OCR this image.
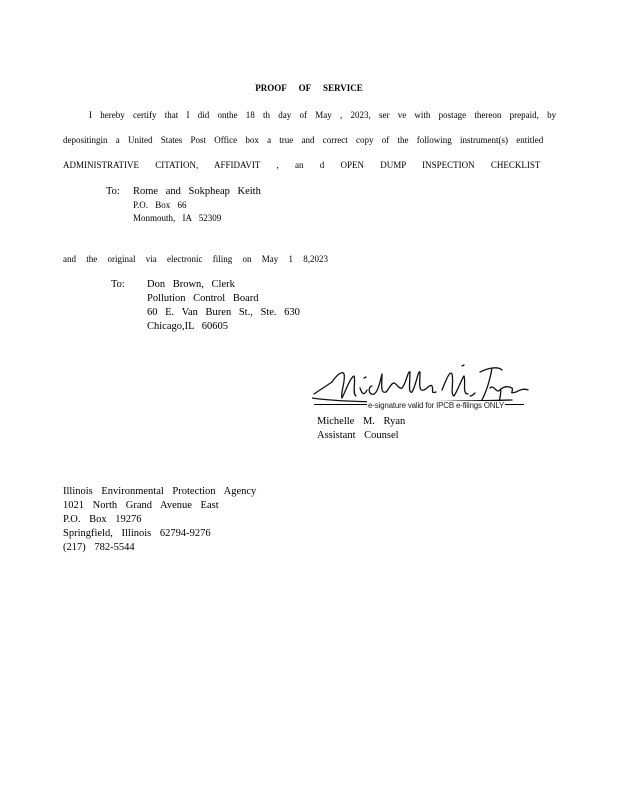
PROOF OF SERVICE
I hereby certify that I did onthe 18 th day of May , 2023, ser ve with postage thereon prepaid, by
depositingin a United States Post Office box a true and correct copy of the following instrument(s) entitled
ADMINISTRATIVE CITATION, AFFIDAVIT , an d OPEN DUMP INSPECTION CHECKLIST
To: Rome and Sokpheap Keith
P.O. Box 66
Monmouth, IA 52309
and the original via electronic filing on May 1 8,2023
To: Don Brown, Clerk
Pollution Control Board
60 E. Van Buren St., Ste. 630
Chicago,IL 60605
e-signature valid for IPCB e-filings ONLY
Michelle M. Ryan
Assistant Counsel
Illinois Environmental Protection Agency
1021 North Grand Avenue East
P.O. Box 19276
Springfield, Illinois 62794-9276
(217) 782-5544
